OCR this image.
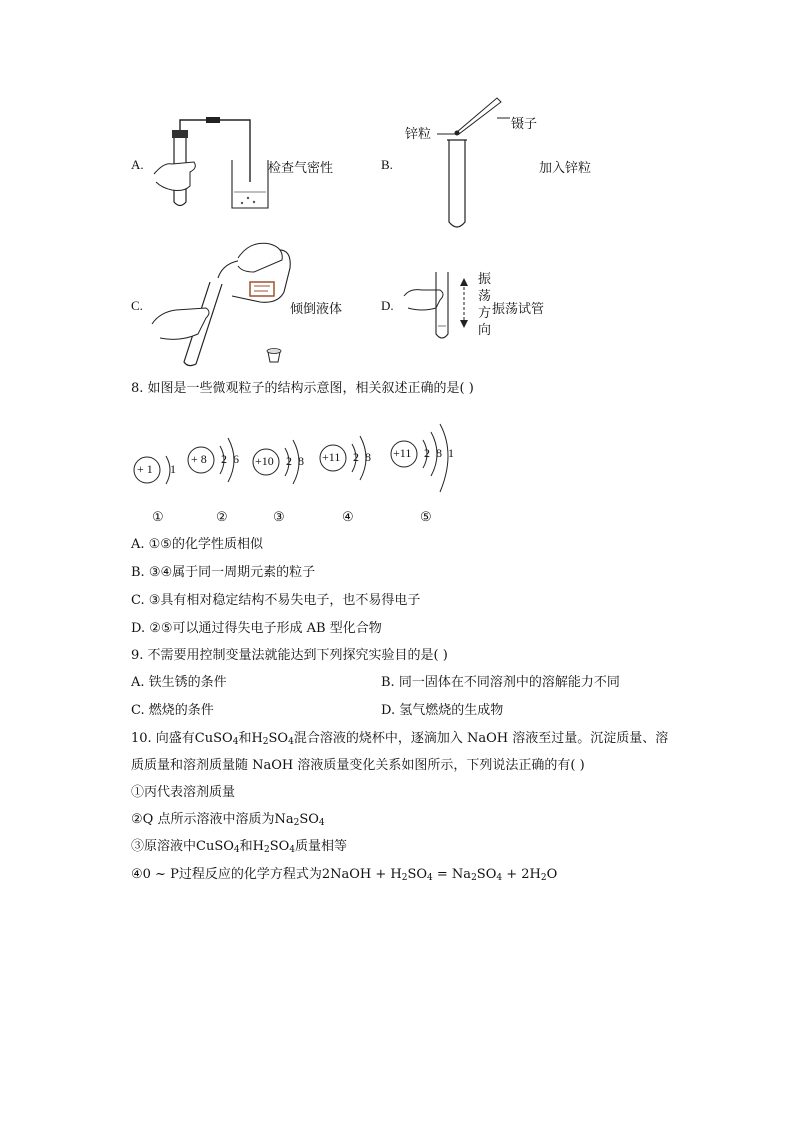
A.	检查气密性	B.
锌粒
镊子
加入锌粒
C.	倾倒液体	D.
振
荡
方
向
振荡试管
8. 如图是一些微观粒子的结构示意图，相关叙述正确的是( )
+ 1 1
+ 8 2  6 +10 2  8 +11 2  8 +11 2  8  1
①	②	③	④	⑤
A. ①⑤的化学性质相似
B. ③④属于同一周期元素的粒子
C. ③具有相对稳定结构不易失电子，也不易得电子
D. ②⑤可以通过得失电子形成 AB 型化合物
9. 不需要用控制变量法就能达到下列探究实验目的是( )
A. 铁生锈的条件	B. 同一固体在不同溶剂中的溶解能力不同
C. 燃烧的条件	D. 氢气燃烧的生成物
10. 向盛有CuSO$_4$和$H_2SO_4$混合溶液的烧杯中，逐滴加入 NaOH 溶液至过量。沉淀质量、溶
质质量和溶剂质量随 NaOH 溶液质量变化关系如图所示，下列说法正确的有( )
①丙代表溶剂质量
②Q 点所示溶液中溶质为$Na_2SO_4$
③原溶液中CuSO$_4$和$H_2SO_4$质量相等
④0 ~ P过程反应的化学方程式为2NaOH + $H_2SO_4 = Na_2SO_4 + 2H_2O$
